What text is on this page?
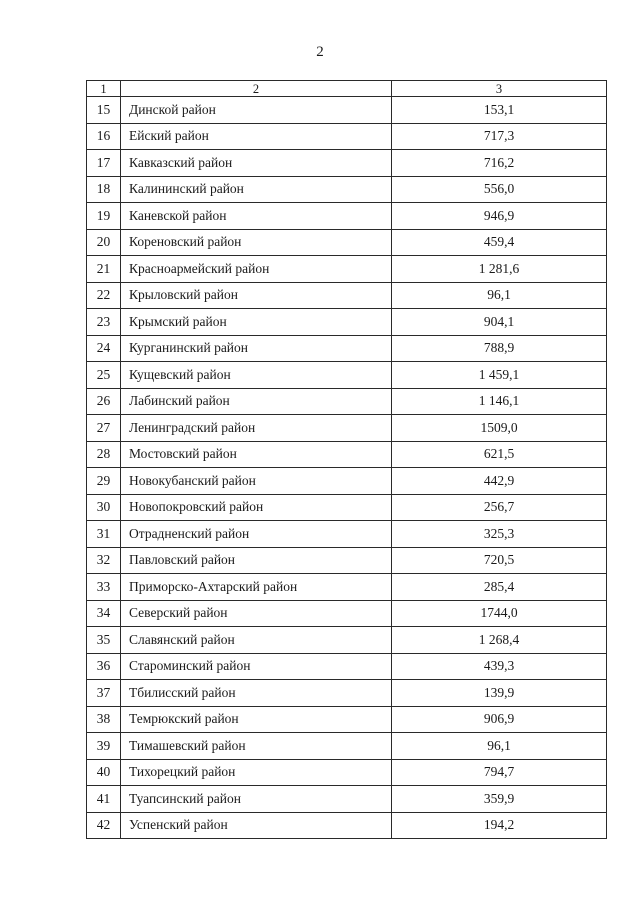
2
1	2	3
15	Динской район	153,1
16	Ейский район	717,3
17	Кавказский район	716,2
18	Калининский район	556,0
19	Каневской район	946,9
20	Кореновский район	459,4
21	Красноармейский район	1 281,6
22	Крыловский район	96,1
23	Крымский район	904,1
24	Курганинский район	788,9
25	Кущевский район	1 459,1
26	Лабинский район	1 146,1
27	Ленинградский район	1509,0
28	Мостовский район	621,5
29	Новокубанский район	442,9
30	Новопокровский район	256,7
31	Отрадненский район	325,3
32	Павловский район	720,5
33	Приморско-Ахтарский район	285,4
34	Северский район	1744,0
35	Славянский район	1 268,4
36	Староминский район	439,3
37	Тбилисский район	139,9
38	Темрюкский район	906,9
39	Тимашевский район	96,1
40	Тихорецкий район	794,7
41	Туапсинский район	359,9
42	Успенский район	194,2
